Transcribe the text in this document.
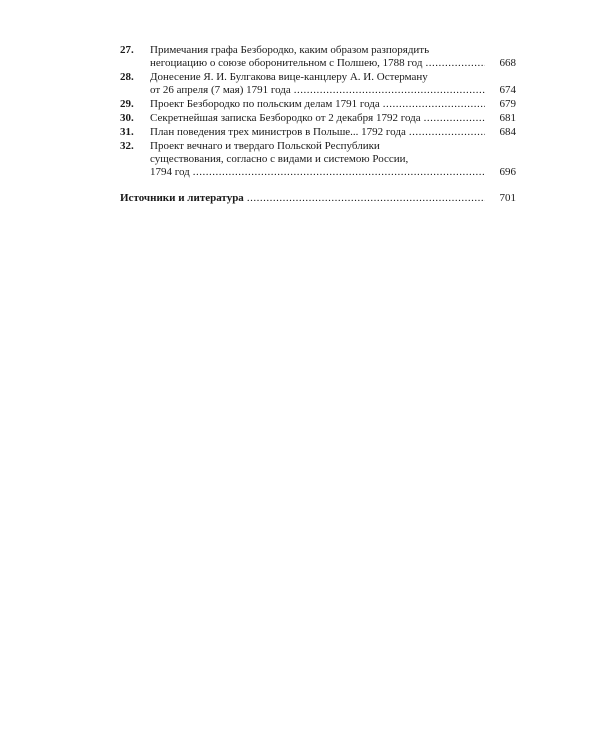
27.	Примечания графа Безбородко, каким образом разпорядить
негоциацию о союзе оборонительном с Полшею, 1788 год .....	668
28.	Донесение Я. И. Булгакова вице-канцлеру А. И. Остерману
от 26 апреля (7 мая) 1791 года .....	674
29.	Проект Безбородко по польским делам 1791 года .....	679
30.	Секретнейшая записка Безбородко от 2 декабря 1792 года .....	681
31.	План поведения трех министров в Польше... 1792 года .....	684
32.	Проект вечнаго и твердаго Польской Республики
существования, согласно с видами и системою России,
1794 год .....	696
Источники и литература .....	701
